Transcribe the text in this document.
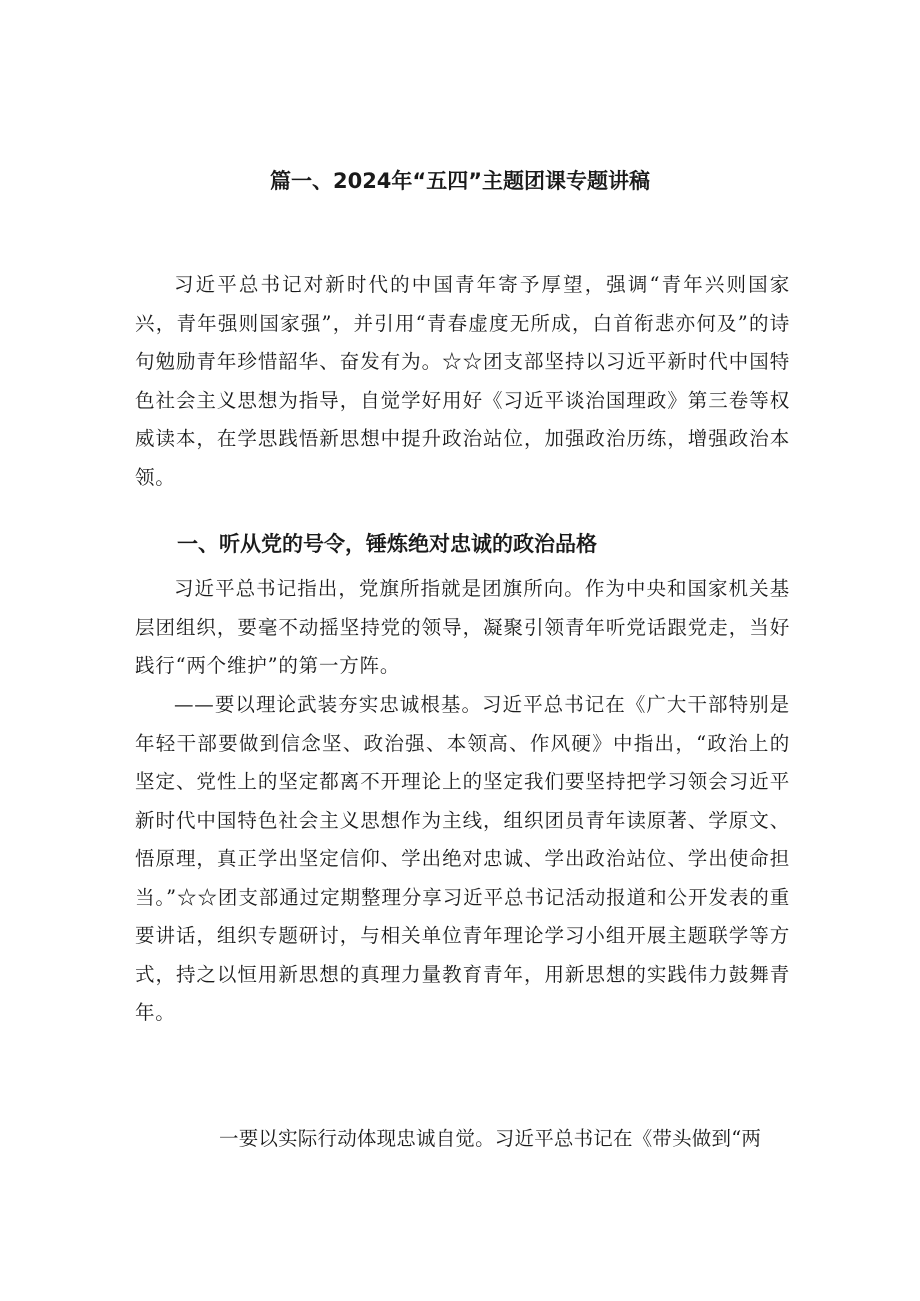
篇一、2024年“五四”主题团课专题讲稿

习近平总书记对新时代的中国青年寄予厚望，强调“青年兴则国家兴，青年强则国家强”，并引用“青春虚度无所成，白首衔悲亦何及”的诗句勉励青年珍惜韶华、奋发有为。☆☆团支部坚持以习近平新时代中国特色社会主义思想为指导，自觉学好用好《习近平谈治国理政》第三卷等权威读本，在学思践悟新思想中提升政治站位，加强政治历练，增强政治本领。

一、听从党的号令，锤炼绝对忠诚的政治品格

习近平总书记指出，党旗所指就是团旗所向。作为中央和国家机关基层团组织，要毫不动摇坚持党的领导，凝聚引领青年听党话跟党走，当好践行“两个维护”的第一方阵。

——要以理论武装夯实忠诚根基。习近平总书记在《广大干部特别是年轻干部要做到信念坚、政治强、本领高、作风硬》中指出，“政治上的坚定、党性上的坚定都离不开理论上的坚定我们要坚持把学习领会习近平新时代中国特色社会主义思想作为主线，组织团员青年读原著、学原文、悟原理，真正学出坚定信仰、学出绝对忠诚、学出政治站位、学出使命担当。”☆☆团支部通过定期整理分享习近平总书记活动报道和公开发表的重要讲话，组织专题研讨，与相关单位青年理论学习小组开展主题联学等方式，持之以恒用新思想的真理力量教育青年，用新思想的实践伟力鼓舞青年。

一要以实际行动体现忠诚自觉。习近平总书记在《带头做到“两
